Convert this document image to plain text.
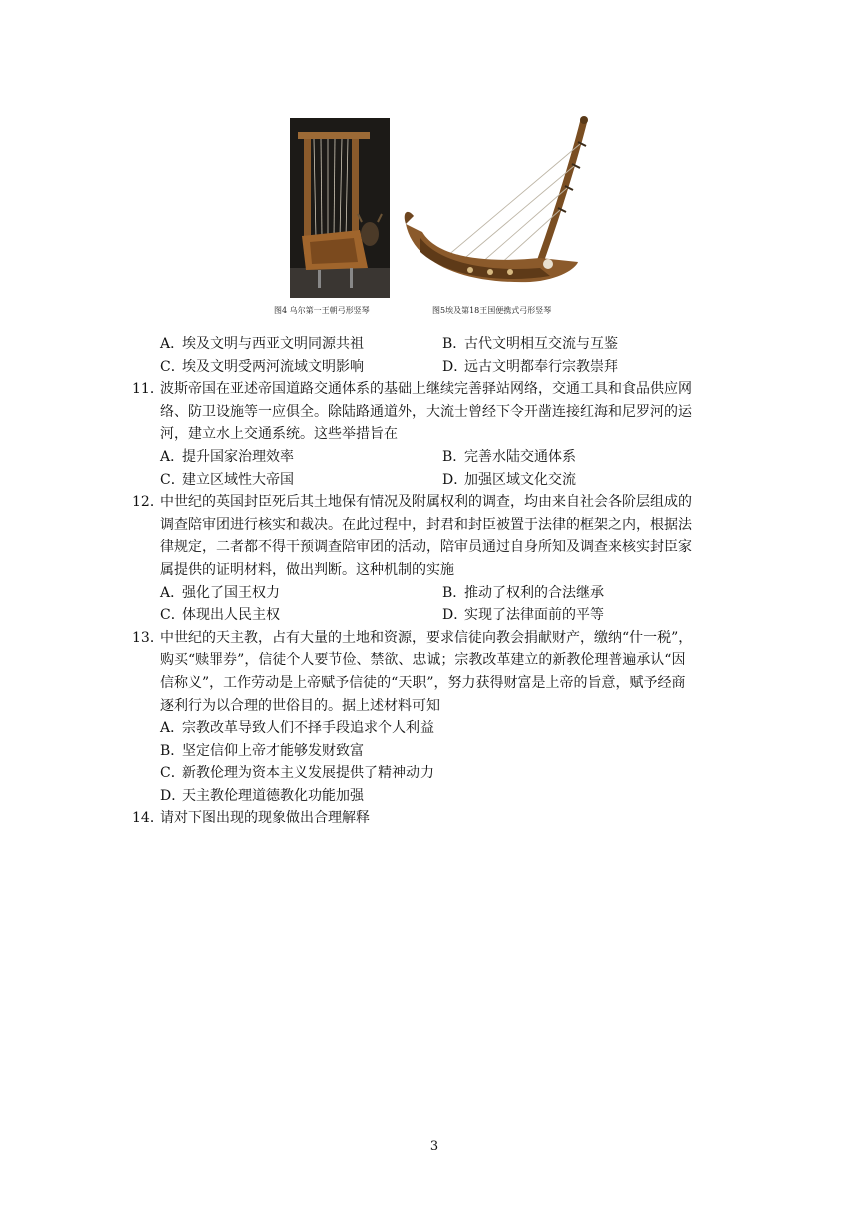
图4 乌尔第一王朝弓形竖琴	图5埃及第18王国便携式弓形竖琴
A．埃及文明与西亚文明同源共祖	B．古代文明相互交流与互鉴
C．埃及文明受两河流域文明影响	D．远古文明都奉行宗教崇拜
11．
波斯帝国在亚述帝国道路交通体系的基础上继续完善驿站网络，交通工具和食品供应网
络、防卫设施等一应俱全。除陆路通道外，大流士曾经下令开凿连接红海和尼罗河的运
河，建立水上交通系统。这些举措旨在
A．提升国家治理效率	B．完善水陆交通体系
C．建立区域性大帝国	D．加强区域文化交流
12．
中世纪的英国封臣死后其土地保有情况及附属权利的调查，均由来自社会各阶层组成的
调查陪审团进行核实和裁决。在此过程中，封君和封臣被置于法律的框架之内，根据法
律规定，二者都不得干预调查陪审团的活动，陪审员通过自身所知及调查来核实封臣家
属提供的证明材料，做出判断。这种机制的实施
A．强化了国王权力	B．推动了权利的合法继承
C．体现出人民主权	D．实现了法律面前的平等
13．
中世纪的天主教，占有大量的土地和资源，要求信徒向教会捐献财产，缴纳“什一税”，
购买“赎罪券”，信徒个人要节俭、禁欲、忠诚；宗教改革建立的新教伦理普遍承认“因
信称义”，工作劳动是上帝赋予信徒的“天职”，努力获得财富是上帝的旨意，赋予经商
逐利行为以合理的世俗目的。据上述材料可知
A．宗教改革导致人们不择手段追求个人利益
B．坚定信仰上帝才能够发财致富
C．新教伦理为资本主义发展提供了精神动力
D．天主教伦理道德教化功能加强
14．
请对下图出现的现象做出合理解释
3
